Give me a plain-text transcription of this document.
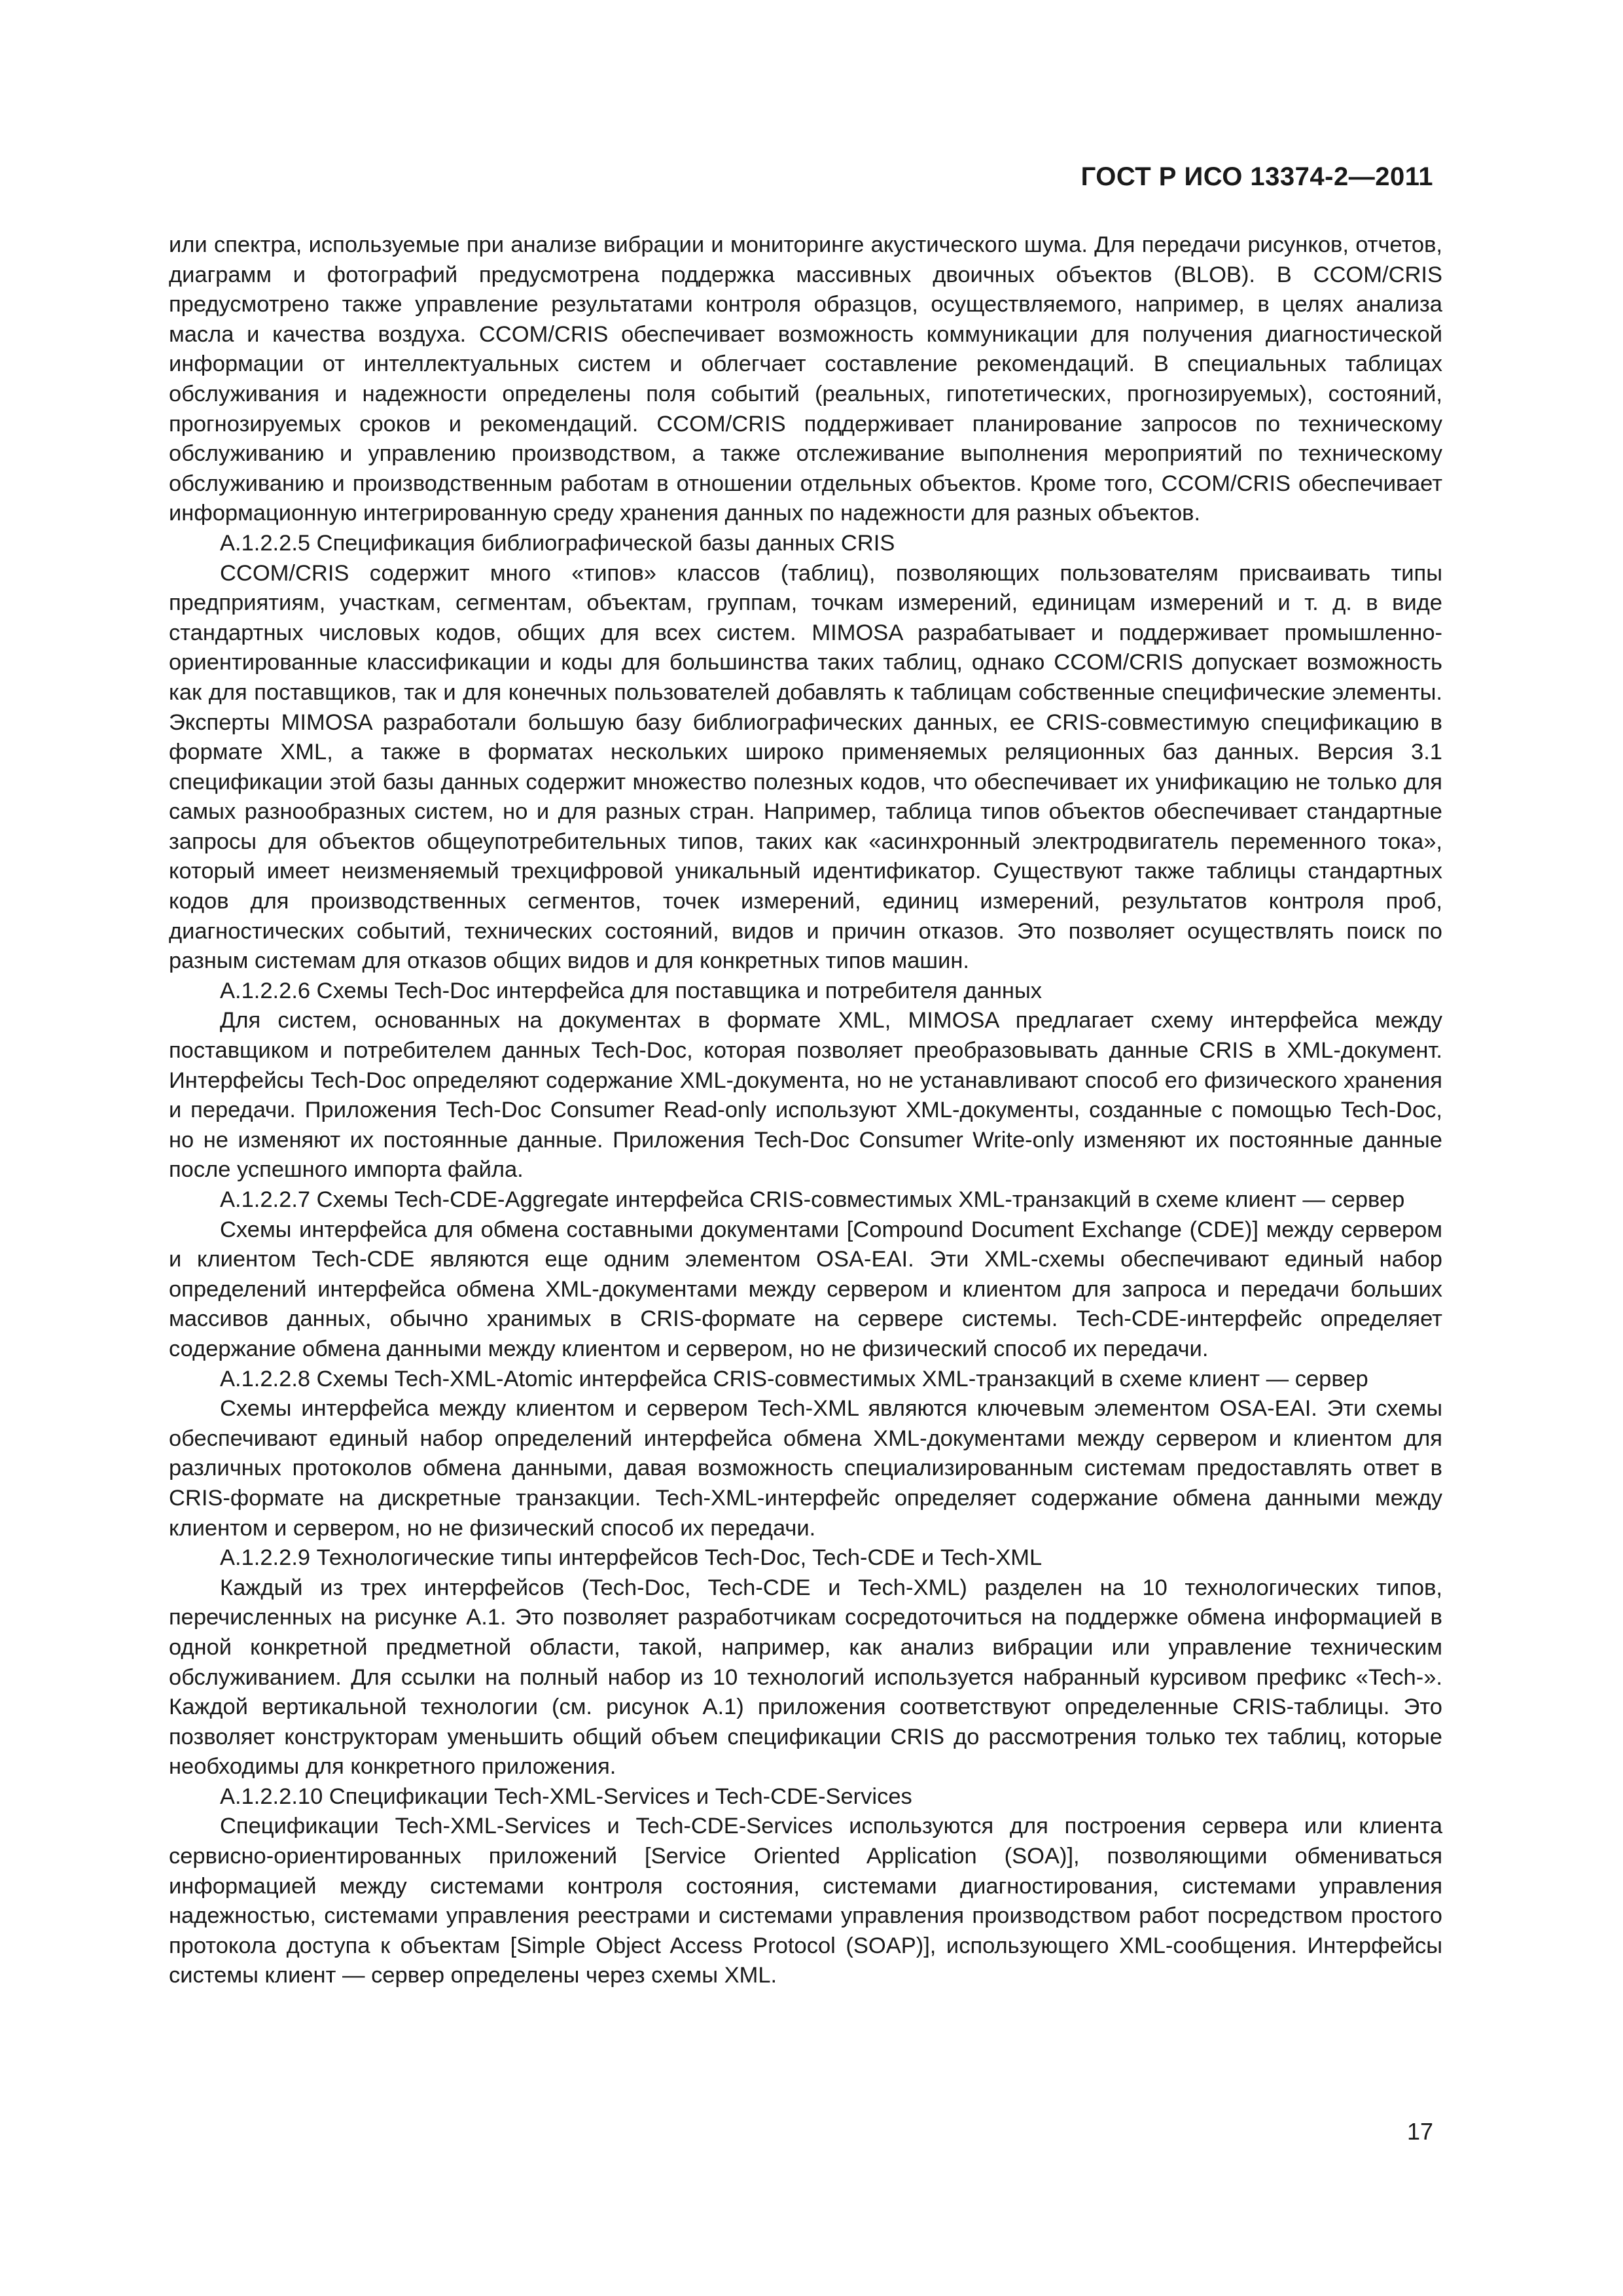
ГОСТ Р ИСО 13374-2—2011

или спектра, используемые при анализе вибрации и мониторинге акустического шума. Для передачи рисунков, отчетов, диаграмм и фотографий предусмотрена поддержка массивных двоичных объектов (BLOB). В CCOM/CRIS предусмотрено также управление результатами контроля образцов, осуществляемого, например, в целях анализа масла и качества воздуха. CCOM/CRIS обеспечивает возможность коммуникации для получения диагностической информации от интеллектуальных систем и облегчает составление рекомендаций. В специальных таблицах обслуживания и надежности определены поля событий (реальных, гипотетических, прогнозируемых), состояний, прогнозируемых сроков и рекомендаций. CCOM/CRIS поддерживает планирование запросов по техническому обслуживанию и управлению производством, а также отслеживание выполнения мероприятий по техническому обслуживанию и производственным работам в отношении отдельных объектов. Кроме того, CCOM/CRIS обеспечивает информационную интегрированную среду хранения данных по надежности для разных объектов.

А.1.2.2.5 Спецификация библиографической базы данных CRIS

CCOM/CRIS содержит много «типов» классов (таблиц), позволяющих пользователям присваивать типы предприятиям, участкам, сегментам, объектам, группам, точкам измерений, единицам измерений и т. д. в виде стандартных числовых кодов, общих для всех систем. MIMOSA разрабатывает и поддерживает промышленно-ориентированные классификации и коды для большинства таких таблиц, однако CCOM/CRIS допускает возможность как для поставщиков, так и для конечных пользователей добавлять к таблицам собственные специфические элементы. Эксперты MIMOSA разработали большую базу библиографических данных, ее CRIS-совместимую спецификацию в формате XML, а также в форматах нескольких широко применяемых реляционных баз данных. Версия 3.1 спецификации этой базы данных содержит множество полезных кодов, что обеспечивает их унификацию не только для самых разнообразных систем, но и для разных стран. Например, таблица типов объектов обеспечивает стандартные запросы для объектов общеупотребительных типов, таких как «асинхронный электродвигатель переменного тока», который имеет неизменяемый трехцифровой уникальный идентификатор. Существуют также таблицы стандартных кодов для производственных сегментов, точек измерений, единиц измерений, результатов контроля проб, диагностических событий, технических состояний, видов и причин отказов. Это позволяет осуществлять поиск по разным системам для отказов общих видов и для конкретных типов машин.

А.1.2.2.6 Схемы Tech-Doc интерфейса для поставщика и потребителя данных

Для систем, основанных на документах в формате XML, MIMOSA предлагает схему интерфейса между поставщиком и потребителем данных Tech-Doc, которая позволяет преобразовывать данные CRIS в XML-документ. Интерфейсы Tech-Doc определяют содержание XML-документа, но не устанавливают способ его физического хранения и передачи. Приложения Tech-Doc Consumer Read-only используют XML-документы, созданные с помощью Tech-Doc, но не изменяют их постоянные данные. Приложения Tech-Doc Consumer Write-only изменяют их постоянные данные после успешного импорта файла.

А.1.2.2.7 Схемы Tech-CDE-Aggregate интерфейса CRIS-совместимых XML-транзакций в схеме клиент — сервер

Схемы интерфейса для обмена составными документами [Compound Document Exchange (CDE)] между сервером и клиентом Tech-CDE являются еще одним элементом OSA-EAI. Эти XML-схемы обеспечивают единый набор определений интерфейса обмена XML-документами между сервером и клиентом для запроса и передачи больших массивов данных, обычно хранимых в CRIS-формате на сервере системы. Tech-CDE-интерфейс определяет содержание обмена данными между клиентом и сервером, но не физический способ их передачи.

А.1.2.2.8 Схемы Tech-XML-Atomic интерфейса CRIS-совместимых XML-транзакций в схеме клиент — сервер

Схемы интерфейса между клиентом и сервером Tech-XML являются ключевым элементом OSA-EAI. Эти схемы обеспечивают единый набор определений интерфейса обмена XML-документами между сервером и клиентом для различных протоколов обмена данными, давая возможность специализированным системам предоставлять ответ в CRIS-формате на дискретные транзакции. Tech-XML-интерфейс определяет содержание обмена данными между клиентом и сервером, но не физический способ их передачи.

А.1.2.2.9 Технологические типы интерфейсов Tech-Doc, Tech-CDE и Tech-XML

Каждый из трех интерфейсов (Tech-Doc, Tech-CDE и Tech-XML) разделен на 10 технологических типов, перечисленных на рисунке А.1. Это позволяет разработчикам сосредоточиться на поддержке обмена информацией в одной конкретной предметной области, такой, например, как анализ вибрации или управление техническим обслуживанием. Для ссылки на полный набор из 10 технологий используется набранный курсивом префикс «Tech-». Каждой вертикальной технологии (см. рисунок А.1) приложения соответствуют определенные CRIS-таблицы. Это позволяет конструкторам уменьшить общий объем спецификации CRIS до рассмотрения только тех таблиц, которые необходимы для конкретного приложения.

А.1.2.2.10 Спецификации Tech-XML-Services и Tech-CDE-Services

Спецификации Tech-XML-Services и Tech-CDE-Services используются для построения сервера или клиента сервисно-ориентированных приложений [Service Oriented Application (SOA)], позволяющими обмениваться информацией между системами контроля состояния, системами диагностирования, системами управления надежностью, системами управления реестрами и системами управления производством работ посредством простого протокола доступа к объектам [Simple Object Access Protocol (SOAP)], использующего XML-сообщения. Интерфейсы системы клиент — сервер определены через схемы XML.

17
